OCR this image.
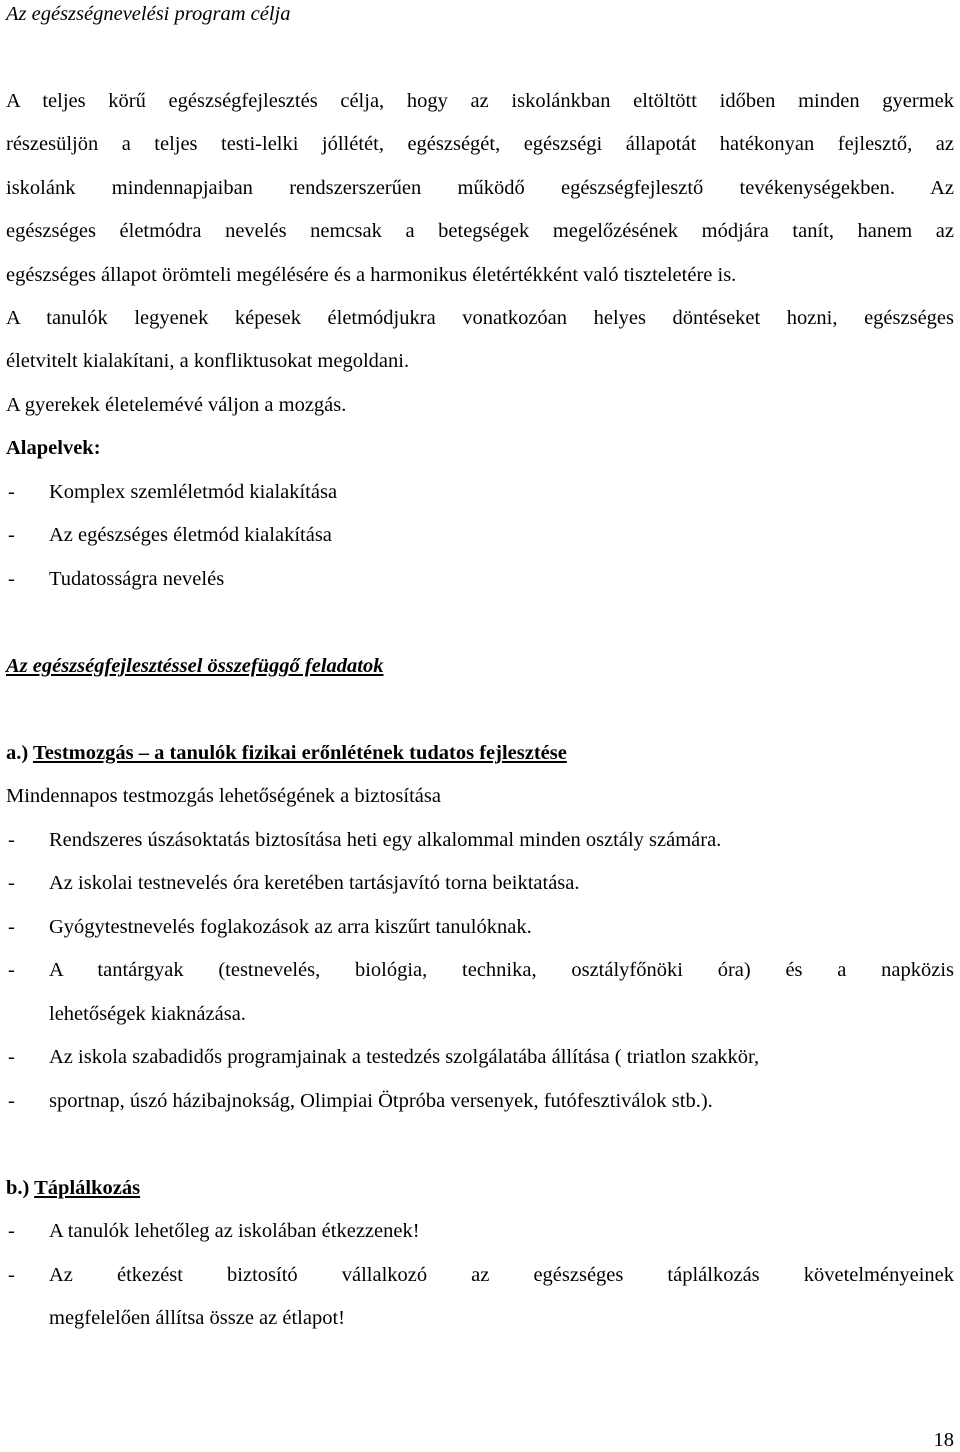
Az egészségnevelési program célja
A teljes körű egészségfejlesztés célja, hogy az iskolánkban eltöltött időben minden gyermek
részesüljön a teljes testi-lelki jóllétét, egészségét, egészségi állapotát hatékonyan fejlesztő, az
iskolánk mindennapjaiban rendszerszerűen működő egészségfejlesztő tevékenységekben. Az
egészséges életmódra nevelés nemcsak a betegségek megelőzésének módjára tanít, hanem az
egészséges állapot örömteli megélésére és a harmonikus életértékként való tiszteletére is.
A tanulók legyenek képesek életmódjukra vonatkozóan helyes döntéseket hozni, egészséges
életvitelt kialakítani, a konfliktusokat megoldani.
A gyerekek életelemévé váljon a mozgás.
Alapelvek:
- Komplex szemléletmód kialakítása
- Az egészséges életmód kialakítása
- Tudatosságra nevelés
Az egészségfejlesztéssel összefüggő feladatok
a.) Testmozgás – a tanulók fizikai erőnlétének tudatos fejlesztése
Mindennapos testmozgás lehetőségének a biztosítása
- Rendszeres úszásoktatás biztosítása heti egy alkalommal minden osztály számára.
- Az iskolai testnevelés óra keretében tartásjavító torna beiktatása.
- Gyógytestnevelés foglakozások az arra kiszűrt tanulóknak.
- A tantárgyak (testnevelés, biológia, technika, osztályfőnöki óra) és a napközis
lehetőségek kiaknázása.
- Az iskola szabadidős programjainak a testedzés szolgálatába állítása ( triatlon szakkör,
- sportnap, úszó házibajnokság, Olimpiai Ötpróba versenyek, futófesztiválok stb.).
b.) Táplálkozás
- A tanulók lehetőleg az iskolában étkezzenek!
- Az étkezést biztosító vállalkozó az egészséges táplálkozás követelményeinek
megfelelően állítsa össze az étlapot!
18
